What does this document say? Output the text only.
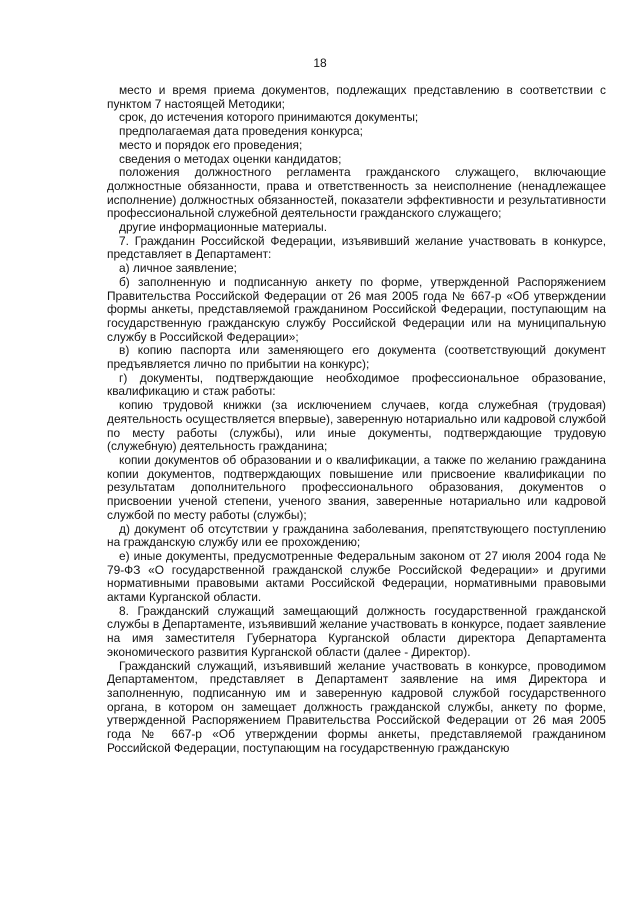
18

место и время приема документов, подлежащих представлению в соответствии с пунктом 7 настоящей Методики;

срок, до истечения которого принимаются документы;

предполагаемая дата проведения конкурса;

место и порядок его проведения;

сведения о методах оценки кандидатов;

положения должностного регламента гражданского служащего, включающие должностные обязанности, права и ответственность за неисполнение (ненадлежащее исполнение) должностных обязанностей, показатели эффективности и результативности профессиональной служебной деятельности гражданского служащего;

другие информационные материалы.

7. Гражданин Российской Федерации, изъявивший желание участвовать в конкурсе, представляет в Департамент:

а) личное заявление;

б) заполненную и подписанную анкету по форме, утвержденной Распоряжением Правительства Российской Федерации от 26 мая 2005 года № 667-р «Об утверждении формы анкеты, представляемой гражданином Российской Федерации, поступающим на государственную гражданскую службу Российской Федерации или на муниципальную службу в Российской Федерации»;

в) копию паспорта или заменяющего его документа (соответствующий документ предъявляется лично по прибытии на конкурс);

г) документы, подтверждающие необходимое профессиональное образование, квалификацию и стаж работы:

копию трудовой книжки (за исключением случаев, когда служебная (трудовая) деятельность осуществляется впервые), заверенную нотариально или кадровой службой по месту работы (службы), или иные документы, подтверждающие трудовую (служебную) деятельность гражданина;

копии документов об образовании и о квалификации, а также по желанию гражданина копии документов, подтверждающих повышение или присвоение квалификации по результатам дополнительного профессионального образования, документов о присвоении ученой степени, ученого звания, заверенные нотариально или кадровой службой по месту работы (службы);

д) документ об отсутствии у гражданина заболевания, препятствующего поступлению на гражданскую службу или ее прохождению;

е) иные документы, предусмотренные Федеральным законом от 27 июля 2004 года № 79-ФЗ «О государственной гражданской службе Российской Федерации» и другими нормативными правовыми актами Российской Федерации, нормативными правовыми актами Курганской области.

8. Гражданский служащий замещающий должность государственной гражданской службы в Департаменте, изъявивший желание участвовать в конкурсе, подает заявление на имя заместителя Губернатора Курганской области директора Департамента экономического развития Курганской области (далее - Директор).

Гражданский служащий, изъявивший желание участвовать в конкурсе, проводимом Департаментом, представляет в Департамент заявление на имя Директора и заполненную, подписанную им и заверенную кадровой службой государственного органа, в котором он замещает должность гражданской службы, анкету по форме, утвержденной Распоряжением Правительства Российской Федерации от 26 мая 2005 года № 667-р «Об утверждении формы анкеты, представляемой гражданином Российской Федерации, поступающим на государственную гражданскую
